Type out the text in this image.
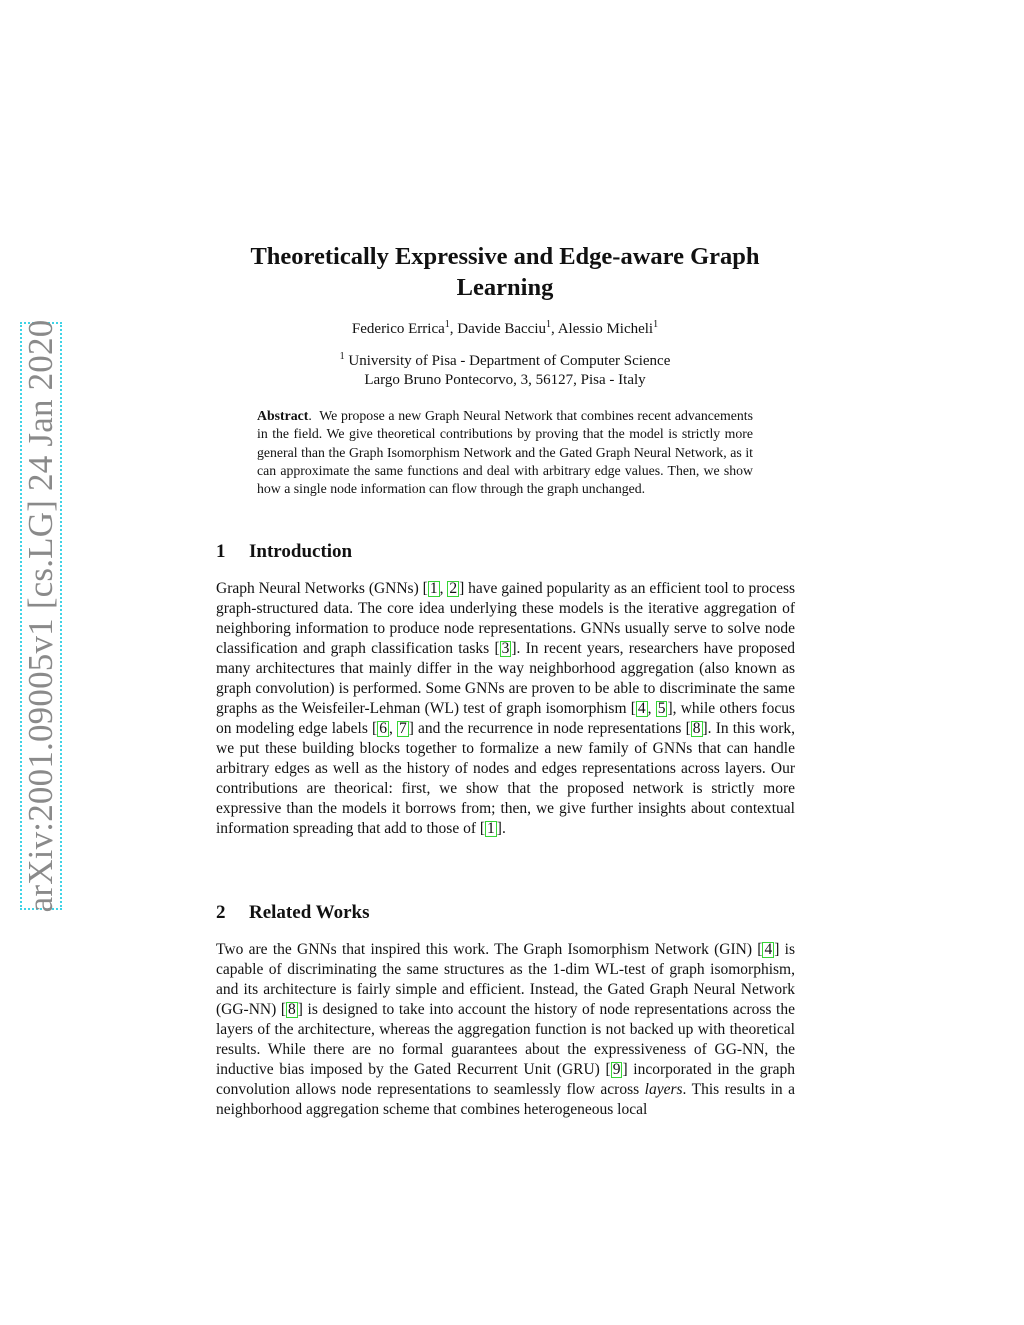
arXiv:2001.09005v1 [cs.LG] 24 Jan 2020
Theoretically Expressive and Edge-aware Graph Learning
Federico Errica$^1$, Davide Bacciu$^1$, Alessio Micheli$^1$
$^1$ University of Pisa - Department of Computer Science
Largo Bruno Pontecorvo, 3, 56127, Pisa - Italy
Abstract.  We propose a new Graph Neural Network that combines recent advancements in the field. We give theoretical contributions by proving that the model is strictly more general than the Graph Isomorphism Network and the Gated Graph Neural Network, as it can approximate the same functions and deal with arbitrary edge values. Then, we show how a single node information can flow through the graph unchanged.
1 Introduction

Graph Neural Networks (GNNs) [ 1 , 2 ] have gained popularity as an efficient tool to process graph-structured data. The core idea underlying these models is the iterative aggregation of neighboring information to produce node representations. GNNs usually serve to solve node classification and graph classification tasks [ 3 ]. In recent years, researchers have proposed many architectures that mainly differ in the way neighborhood aggregation (also known as graph convolution) is performed. Some GNNs are proven to be able to discriminate the same graphs as the Weisfeiler-Lehman (WL) test of graph isomorphism [ 4 , 5 ], while others focus on modeling edge labels [ 6 , 7 ] and the recurrence in node representations [ 8 ]. In this work, we put these building blocks together to formalize a new family of GNNs that can handle arbitrary edges as well as the history of nodes and edges representations across layers. Our contributions are theorical: first, we show that the proposed network is strictly more expressive than the models it borrows from; then, we give further insights about contextual information spreading that add to those of [ 1 ].

2 Related Works

Two are the GNNs that inspired this work. The Graph Isomorphism Network (GIN) [ 4 ] is capable of discriminating the same structures as the 1-dim WL-test of graph isomorphism, and its architecture is fairly simple and efficient. Instead, the Gated Graph Neural Network (GG-NN) [ 8 ] is designed to take into account the history of node representations across the layers of the architecture, whereas the aggregation function is not backed up with theoretical results. While there are no formal guarantees about the expressiveness of GG-NN, the inductive bias imposed by the Gated Recurrent Unit (GRU) [ 9 ] incorporated in the graph convolution allows node representations to seamlessly flow across layers. This results in a neighborhood aggregation scheme that combines heterogeneous local
